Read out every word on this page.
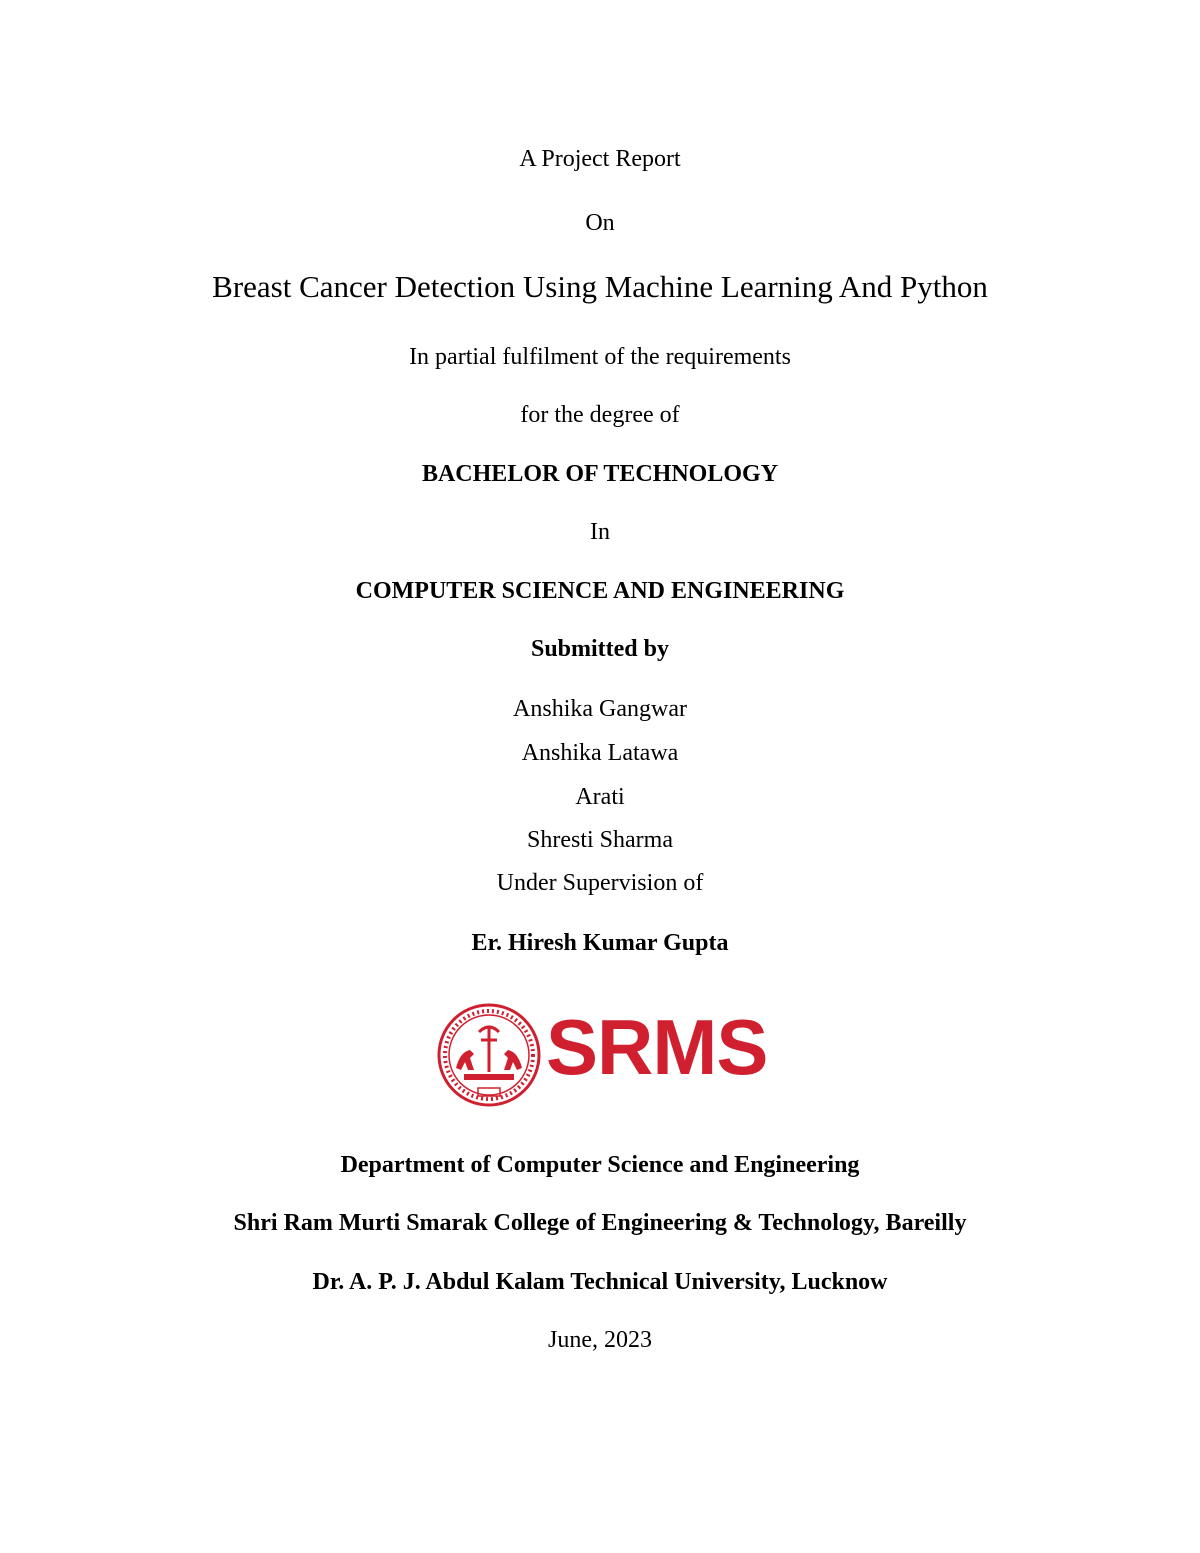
A Project Report
On
Breast Cancer Detection Using Machine Learning And Python
In partial fulfilment of the requirements
for the degree of
BACHELOR OF TECHNOLOGY
In
COMPUTER SCIENCE AND ENGINEERING
Submitted by
Anshika Gangwar
Anshika Latawa
Arati
Shresti Sharma
Under Supervision of
Er. Hiresh Kumar Gupta
SRMS
Department of Computer Science and Engineering
Shri Ram Murti Smarak College of Engineering & Technology, Bareilly
Dr. A. P. J. Abdul Kalam Technical University, Lucknow
June, 2023
